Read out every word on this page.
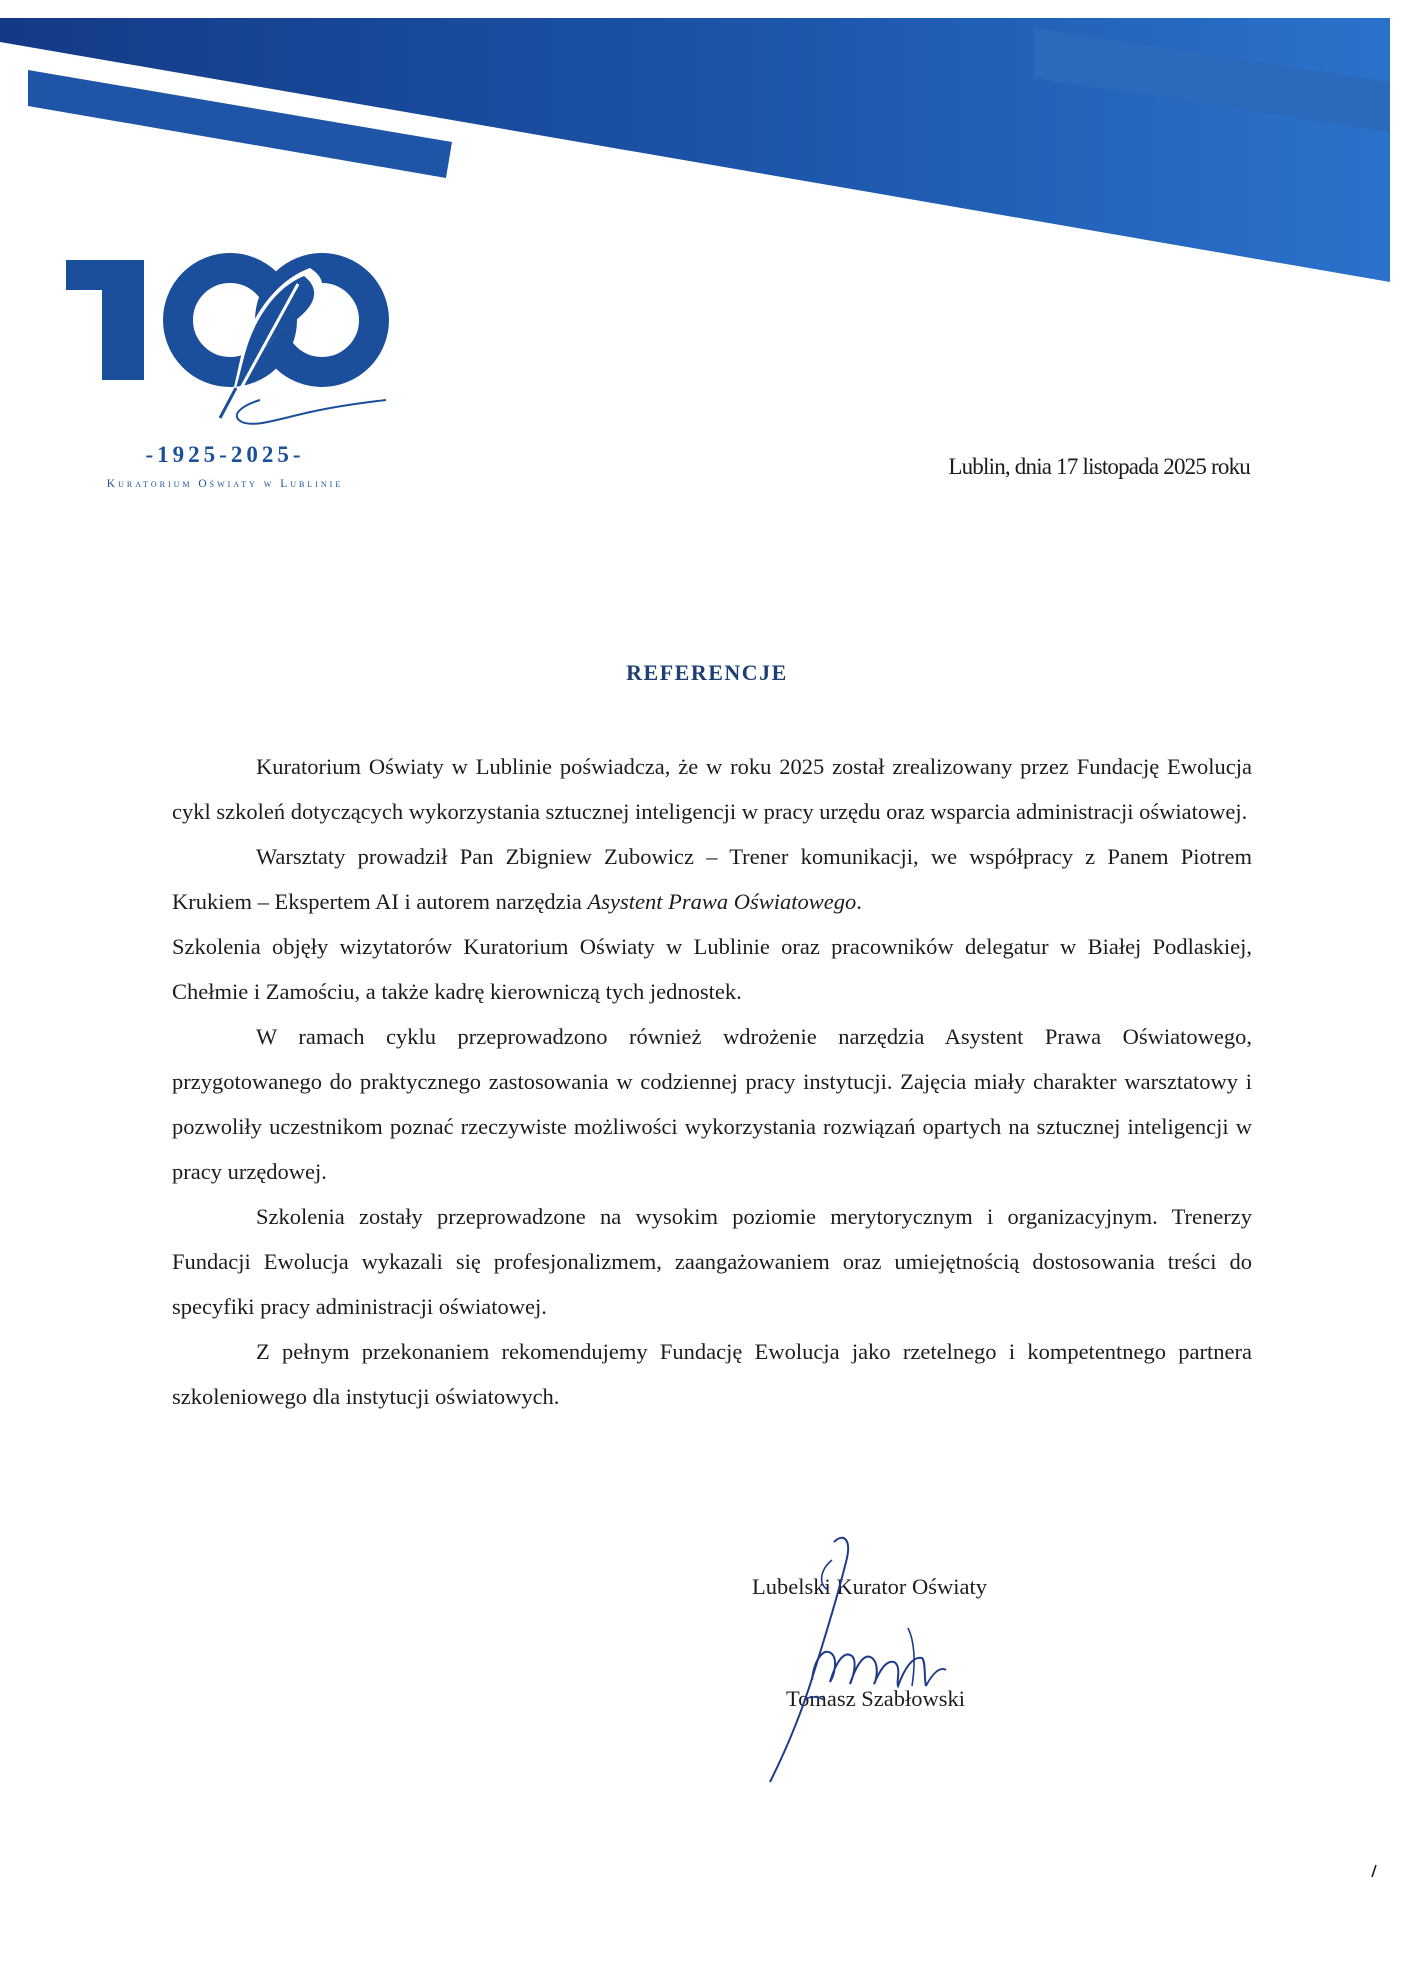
-1925-2025-
Kuratorium Oświaty w Lublinie
Lublin, dnia 17 listopada 2025 roku
REFERENCJE

Kuratorium Oświaty w Lublinie poświadcza, że w roku 2025 został zrealizowany przez Fundację Ewolucja cykl szkoleń dotyczących wykorzystania sztucznej inteligencji w pracy urzędu oraz wsparcia administracji oświatowej.

Warsztaty prowadził Pan Zbigniew Zubowicz – Trener komunikacji, we współpracy z Panem Piotrem Krukiem – Ekspertem AI i autorem narzędzia Asystent Prawa Oświatowego.

Szkolenia objęły wizytatorów Kuratorium Oświaty w Lublinie oraz pracowników delegatur w Białej Podlaskiej, Chełmie i Zamościu, a także kadrę kierowniczą tych jednostek.

W ramach cyklu przeprowadzono również wdrożenie narzędzia Asystent Prawa Oświatowego, przygotowanego do praktycznego zastosowania w codziennej pracy instytucji. Zajęcia miały charakter warsztatowy i pozwoliły uczestnikom poznać rzeczywiste możliwości wykorzystania rozwiązań opartych na sztucznej inteligencji w pracy urzędowej.

Szkolenia zostały przeprowadzone na wysokim poziomie merytorycznym i organizacyjnym. Trenerzy Fundacji Ewolucja wykazali się profesjonalizmem, zaangażowaniem oraz umiejętnością dostosowania treści do specyfiki pracy administracji oświatowej.

Z pełnym przekonaniem rekomendujemy Fundację Ewolucja jako rzetelnego i kompetentnego partnera szkoleniowego dla instytucji oświatowych.

Lubelski Kurator Oświaty
Tomasz Szabłowski
